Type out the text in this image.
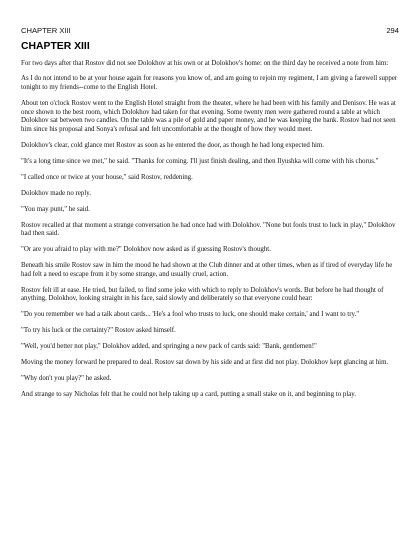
CHAPTER XIII	294
CHAPTER XIII

For two days after that Rostov did not see Dolokhov at his own or at Dolokhov's home: on the third day he received a note from him:

As I do not intend to be at your house again for reasons you know of, and am going to rejoin my regiment, I am giving a farewell supper tonight to my friends--come to the English Hotel.

About ten o'clock Rostov went to the English Hotel straight from the theater, where he had been with his family and Denisov. He was at once shown to the best room, which Dolokhov had taken for that evening. Some twenty men were gathered round a table at which Dolokhov sat between two candles. On the table was a pile of gold and paper money, and he was keeping the bank. Rostov had not seen him since his proposal and Sonya's refusal and felt uncomfortable at the thought of how they would meet.

Dolokhov's clear, cold glance met Rostov as soon as he entered the door, as though he had long expected him.

"It's a long time since we met," he said. "Thanks for coming. I'll just finish dealing, and then Ilyushka will come with his chorus."

"I called once or twice at your house," said Rostov, reddening.

Dolokhov made no reply.

"You may punt," he said.

Rostov recalled at that moment a strange conversation he had once had with Dolokhov. "None but fools trust to luck in play," Dolokhov had then said.

"Or are you afraid to play with me?" Dolokhov now asked as if guessing Rostov's thought.

Beneath his smile Rostov saw in him the mood he had shown at the Club dinner and at other times, when as if tired of everyday life he had felt a need to escape from it by some strange, and usually cruel, action.

Rostov felt ill at ease. He tried, but failed, to find some joke with which to reply to Dolokhov's words. But before he had thought of anything, Dolokhov, looking straight in his face, said slowly and deliberately so that everyone could hear:

"Do you remember we had a talk about cards... 'He's a fool who trusts to luck, one should make certain,' and I want to try."

"To try his luck or the certainty?" Rostov asked himself.

"Well, you'd better not play," Dolokhov added, and springing a new pack of cards said: "Bank, gentlemen!"

Moving the money forward he prepared to deal. Rostov sat down by his side and at first did not play. Dolokhov kept glancing at him.

"Why don't you play?" he asked.

And strange to say Nicholas felt that he could not help taking up a card, putting a small stake on it, and beginning to play.
